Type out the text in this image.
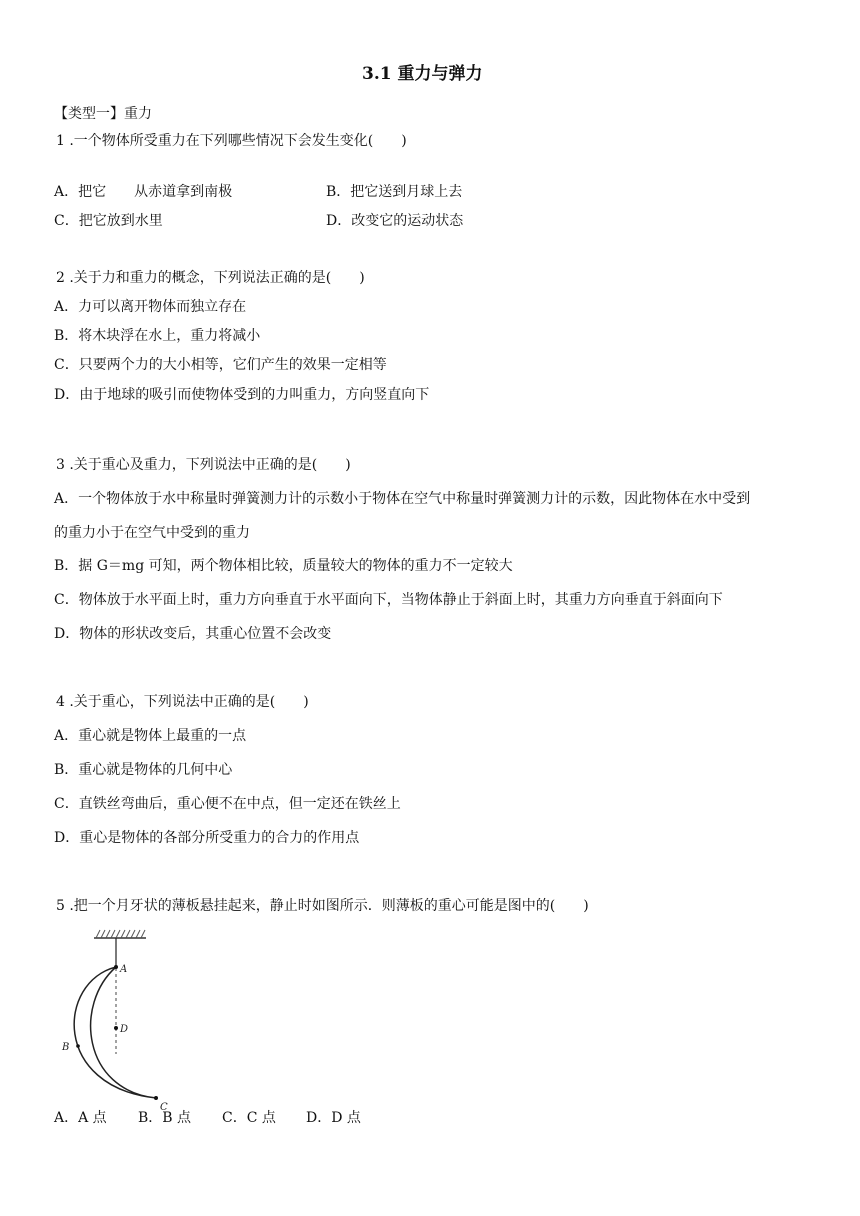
3.1 重力与弹力
【类型一】重力
1 .一个物体所受重力在下列哪些情况下会发生变化(　　)
A．把它　　从赤道拿到南极	B．把它送到月球上去
C．把它放到水里	D．改变它的运动状态
2 .关于力和重力的概念，下列说法正确的是(　　)
A．力可以离开物体而独立存在
B．将木块浮在水上，重力将减小
C．只要两个力的大小相等，它们产生的效果一定相等
D．由于地球的吸引而使物体受到的力叫重力，方向竖直向下
3 .关于重心及重力，下列说法中正确的是(　　)
A．一个物体放于水中称量时弹簧测力计的示数小于物体在空气中称量时弹簧测力计的示数，因此物体在水中受到
的重力小于在空气中受到的重力
B．据 G＝mg 可知，两个物体相比较，质量较大的物体的重力不一定较大
C．物体放于水平面上时，重力方向垂直于水平面向下，当物体静止于斜面上时，其重力方向垂直于斜面向下
D．物体的形状改变后，其重心位置不会改变
4 .关于重心，下列说法中正确的是(　　)
A．重心就是物体上最重的一点
B．重心就是物体的几何中心
C．直铁丝弯曲后，重心便不在中点，但一定还在铁丝上
D．重心是物体的各部分所受重力的合力的作用点
5 .把一个月牙状的薄板悬挂起来，静止时如图所示．则薄板的重心可能是图中的(　　)
A
B
C
D
A．A 点 B．B 点 C．C 点 D．D 点
